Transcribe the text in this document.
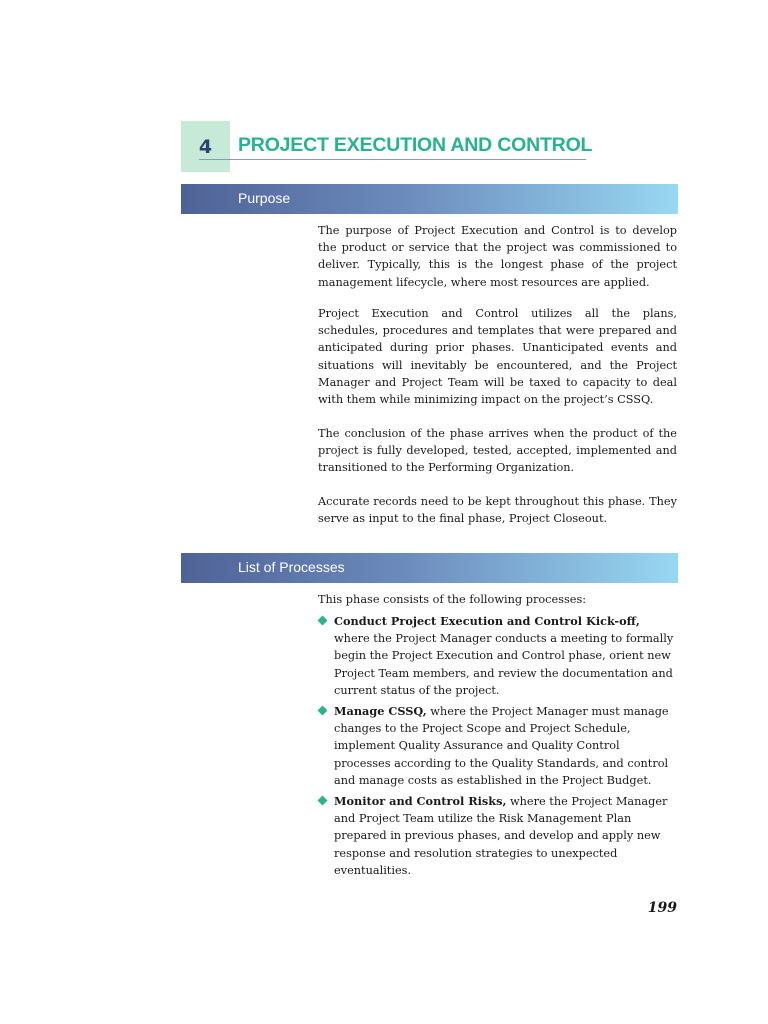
4	PROJECT EXECUTION AND CONTROL
Purpose

The purpose of Project Execution and Control is to develop the product or service that the project was commissioned to deliver. Typically, this is the longest phase of the project management lifecycle, where most resources are applied.

Project Execution and Control utilizes all the plans, schedules, procedures and templates that were prepared and anticipated during prior phases. Unanticipated events and situations will inevitably be encountered, and the Project Manager and Project Team will be taxed to capacity to deal with them while minimizing impact on the project’s CSSQ.

The conclusion of the phase arrives when the product of the project is fully developed, tested, accepted, implemented and transitioned to the Performing Organization.

Accurate records need to be kept throughout this phase. They serve as input to the final phase, Project Closeout.

List of Processes

This phase consists of the following processes:

Conduct Project Execution and Control Kick-off, where the Project Manager conducts a meeting to formally begin the Project Execution and Control phase, orient new Project Team members, and review the documentation and current status of the project.
Manage CSSQ, where the Project Manager must manage changes to the Project Scope and Project Schedule, implement Quality Assurance and Quality Control processes according to the Quality Standards, and control and manage costs as established in the Project Budget.
Monitor and Control Risks, where the Project Manager and Project Team utilize the Risk Management Plan prepared in previous phases, and develop and apply new response and resolution strategies to unexpected eventualities.
199
